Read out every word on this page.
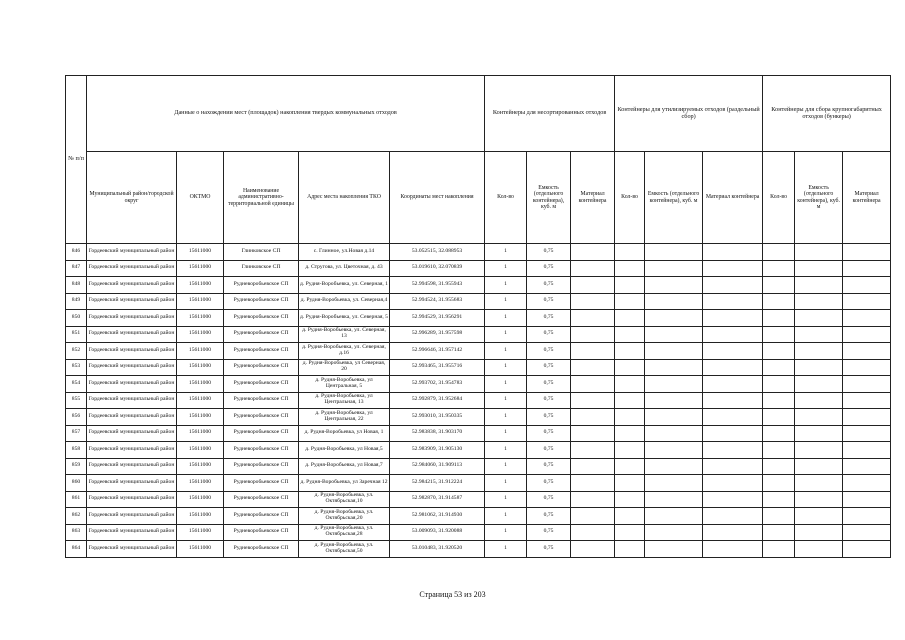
№ п/п	Данные о нахождении мест (площадок) накопления твердых коммунальных отходов					Контейнеры для несортированных отходов			Контейнеры для утилизируемых отходов (раздельный сбор)			Контейнеры для сбора крупногабаритных отходов (бункеры)		
	Муниципальный район/городской округ	ОКТМО	Наименование административно-территориальной единицы	Адрес места накопления ТКО	Координаты мест накопления	Кол-во	Емкость (отдельного контейнера), куб. м	Материал контейнера	Кол-во	Емкость (отдельного контейнера), куб. м	Материал контейнера	Кол-во	Емкость (отдельного контейнера), куб. м	Материал контейнера
846	Гордеевский муниципальный район	15611000	Глинковское СП	с. Глинное, ул.Новая д.14	53.052515, 32.088953	1	0,75							
847	Гордеевский муниципальный район	15611000	Глинковское СП	д. Стругова, ул. Цветочная, д. 43	53.019610, 32.070839	1	0,75							
848	Гордеевский муниципальный район	15611000	Рудневоробьевское СП	д. Рудня-Воробьевка, ул. Северная, 1	52.994598, 31.955943	1	0,75							
849	Гордеевский муниципальный район	15611000	Рудневоробьевское СП	д. Рудня-Воробьевка, ул. Северная,4	52.994524, 31.955683	1	0,75							
850	Гордеевский муниципальный район	15611000	Рудневоробьевское СП	д. Рудня-Воробьевка, ул. Северная, 5	52.994529, 31.956291	1	0,75							
851	Гордеевский муниципальный район	15611000	Рудневоробьевское СП	д. Рудня-Воробьевка, ул. Северная, 13	52.996289, 31.957598	1	0,75							
852	Гордеевский муниципальный район	15611000	Рудневоробьевское СП	д. Рудня-Воробьевка, ул. Северная, д.16	52.996646, 31.957142	1	0,75							
853	Гордеевский муниципальный район	15611000	Рудневоробьевское СП	д. Рудня-Воробьевка, ул Северная, 20	52.993465, 31.955716	1	0,75							
854	Гордеевский муниципальный район	15611000	Рудневоробьевское СП	д. Рудня-Воробьевка, ул Центральная, 5	52.993702, 31.954783	1	0,75							
855	Гордеевский муниципальный район	15611000	Рудневоробьевское СП	д. Рудня-Воробьевка, ул Центральная, 13	52.992879, 31.952684	1	0,75							
856	Гордеевский муниципальный район	15611000	Рудневоробьевское СП	д. Рудня-Воробьевка, ул Центральная, 22	52.993010, 31.950335	1	0,75							
857	Гордеевский муниципальный район	15611000	Рудневоробьевское СП	д. Рудня-Воробьевка, ул Новая, 1	52.983838, 31.903170	1	0,75							
858	Гордеевский муниципальный район	15611000	Рудневоробьевское СП	д. Рудня-Воробьевка, ул Новая,5	52.983909, 31.905130	1	0,75							
859	Гордеевский муниципальный район	15611000	Рудневоробьевское СП	д. Рудня-Воробьевка, ул Новая,7	52.984060, 31.909113	1	0,75							
860	Гордеевский муниципальный район	15611000	Рудневоробьевское СП	д. Рудня-Воробьевка, ул Заречная 12	52.984215, 31.912224	1	0,75							
861	Гордеевский муниципальный район	15611000	Рудневоробьевское СП	д. Рудня-Воробьевка, ул. Октябрьская,10	52.982870, 31.914587	1	0,75							
862	Гордеевский муниципальный район	15611000	Рудневоробьевское СП	д. Рудня-Воробьевка, ул. Октябрьская,20	52.981062, 31.914930	1	0,75							
863	Гордеевский муниципальный район	15611000	Рудневоробьевское СП	д. Рудня-Воробьевка, ул. Октябрьская,28	53.009093, 31.920088	1	0,75							
864	Гордеевский муниципальный район	15611000	Рудневоробьевское СП	д. Рудня-Воробьевка, ул. Октябрьская,50	53.010483, 31.920520	1	0,75							
Страница 53 из 203
